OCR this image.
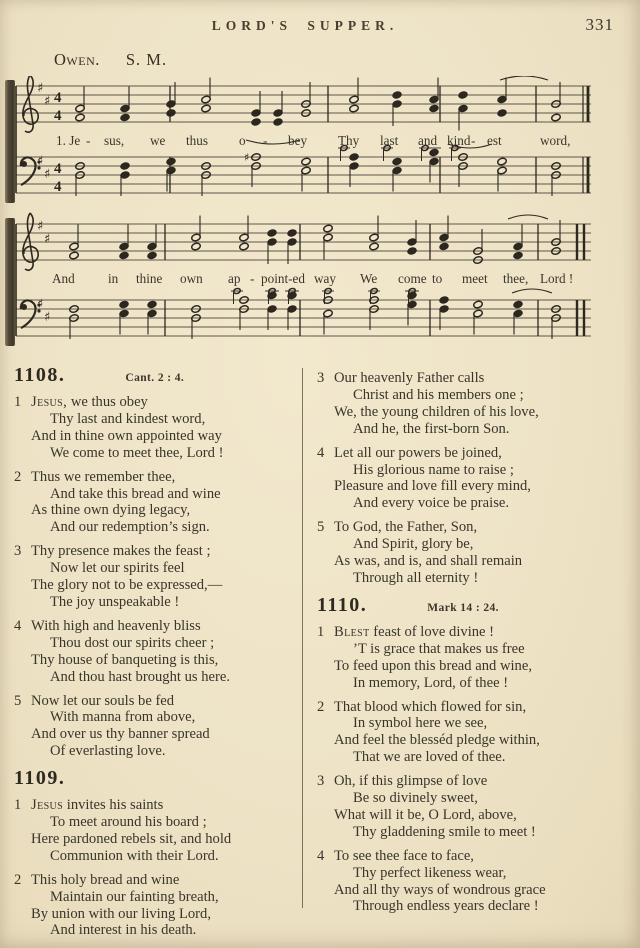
LORD'S SUPPER.	331
Owen. S. M.
♯
♯
♯
♯
4
4
4
4
♯
♯
♯
♯
♯
1. Je - sus, we thus o - bey Thy last and kind - est	word,
And	in thine own ap - point-ed way We come to meet thee, Lord !
1108.	Cant. 2 : 4.
1 Jesus, we thus obey
Thy last and kindest word,
And in thine own appointed way
We come to meet thee, Lord !
2 Thus we remember thee,
And take this bread and wine
As thine own dying legacy,
And our redemption’s sign.
3 Thy presence makes the feast ;
Now let our spirits feel
The glory not to be expressed,—
The joy unspeakable !
4 With high and heavenly bliss
Thou dost our spirits cheer ;
Thy house of banqueting is this,
And thou hast brought us here.
5 Now let our souls be fed
With manna from above,
And over us thy banner spread
Of everlasting love.
1109.
1 Jesus invites his saints
To meet around his board ;
Here pardoned rebels sit, and hold
Communion with their Lord.
2 This holy bread and wine
Maintain our fainting breath,
By union with our living Lord,
And interest in his death.
3 Our heavenly Father calls
Christ and his members one ;
We, the young children of his love,
And he, the first-born Son.
4 Let all our powers be joined,
His glorious name to raise ;
Pleasure and love fill every mind,
And every voice be praise.
5 To God, the Father, Son,
And Spirit, glory be,
As was, and is, and shall remain
Through all eternity !
1110.	Mark 14 : 24.
1 Blest feast of love divine !
’T is grace that makes us free
To feed upon this bread and wine,
In memory, Lord, of thee !
2 That blood which flowed for sin,
In symbol here we see,
And feel the blesséd pledge within,
That we are loved of thee.
3 Oh, if this glimpse of love
Be so divinely sweet,
What will it be, O Lord, above,
Thy gladdening smile to meet !
4 To see thee face to face,
Thy perfect likeness wear,
And all thy ways of wondrous grace
Through endless years declare !
